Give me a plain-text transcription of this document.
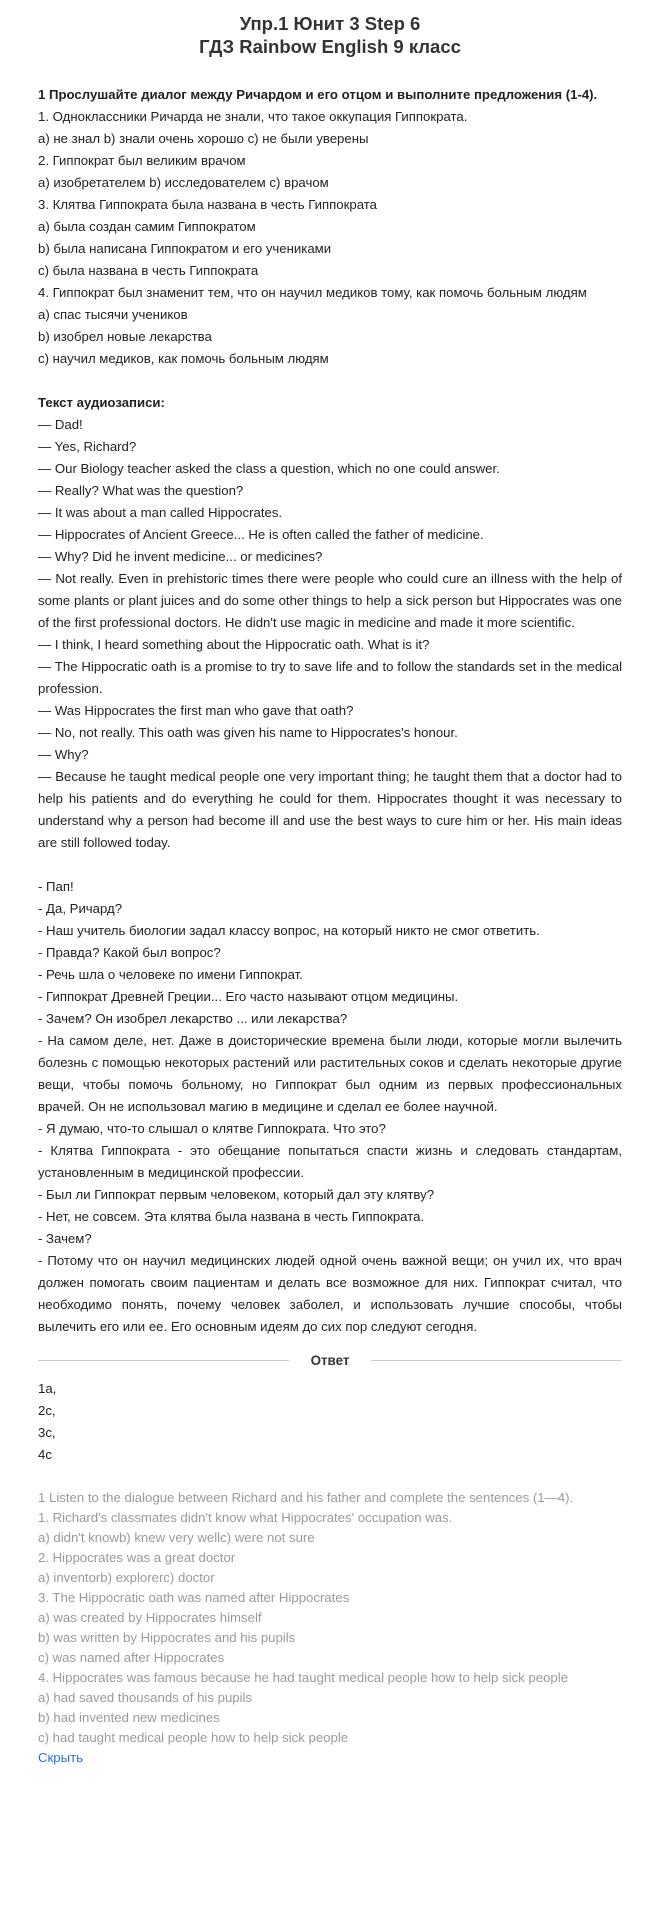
Упр.1 Юнит 3 Step 6
ГДЗ Rainbow English 9 класс

1 Прослушайте диалог между Ричардом и его отцом и выполните предложения (1-4).

1. Одноклассники Ричарда не знали, что такое оккупация Гиппократа.

а) не знал b) знали очень хорошо c) не были уверены

2. Гиппократ был великим врачом

а) изобретателем b) исследователем c) врачом

3. Клятва Гиппократа была названа в честь Гиппократа

а) была создан самим Гиппократом

b) была написана Гиппократом и его учениками

c) была названа в честь Гиппократа

4. Гиппократ был знаменит тем, что он научил медиков тому, как помочь больным людям

а) спас тысячи учеников

b) изобрел новые лекарства

c) научил медиков, как помочь больным людям

Текст аудиозаписи:

— Dad!

— Yes, Richard?

— Our Biology teacher asked the class a question, which no one could answer.

— Really? What was the question?

— It was about a man called Hippocrates.

— Hippocrates of Ancient Greece... He is often called the father of medicine.

— Why? Did he invent medicine... or medicines?

— Not really. Even in prehistoric times there were people who could cure an illness with the help of some plants or plant juices and do some other things to help a sick person but Hippocrates was one of the first professional doctors. He didn't use magic in medicine and made it more scientific.

— I think, I heard something about the Hippocratic oath. What is it?

— The Hippocratic oath is a promise to try to save life and to follow the standards set in the medical profession.

— Was Hippocrates the first man who gave that oath?

— No, not really. This oath was given his name to Hippocrates's honour.

— Why?

— Because he taught medical people one very important thing; he taught them that a doctor had to help his patients and do everything he could for them. Hippocrates thought it was necessary to understand why a person had become ill and use the best ways to cure him or her. His main ideas are still followed today.

- Пап!

- Да, Ричард?

- Наш учитель биологии задал классу вопрос, на который никто не смог ответить.

- Правда? Какой был вопрос?

- Речь шла о человеке по имени Гиппократ.

- Гиппократ Древней Греции... Его часто называют отцом медицины.

- Зачем? Он изобрел лекарство ... или лекарства?

- На самом деле, нет. Даже в доисторические времена были люди, которые могли вылечить болезнь с помощью некоторых растений или растительных соков и сделать некоторые другие вещи, чтобы помочь больному, но Гиппократ был одним из первых профессиональных врачей. Он не использовал магию в медицине и сделал ее более научной.

- Я думаю, что-то слышал о клятве Гиппократа. Что это?

- Клятва Гиппократа - это обещание попытаться спасти жизнь и следовать стандартам, установленным в медицинской профессии.

- Был ли Гиппократ первым человеком, который дал эту клятву?

- Нет, не совсем. Эта клятва была названа в честь Гиппократа.

- Зачем?

- Потому что он научил медицинских людей одной очень важной вещи; он учил их, что врач должен помогать своим пациентам и делать все возможное для них. Гиппократ считал, что необходимо понять, почему человек заболел, и использовать лучшие способы, чтобы вылечить его или ее. Его основным идеям до сих пор следуют сегодня.

Ответ

1a,

2c,

3c,

4c

1 Listen to the dialogue between Richard and his father and complete the sentences (1—4).

1. Richard's classmates didn't know what Hippocrates' occupation was.

a) didn't knowb) knew very wellc) were not sure

2. Hippocrates was a great doctor

a) inventorb) explorerc) doctor

3. The Hippocratic oath was named after Hippocrates

a) was created by Hippocrates himself

b) was written by Hippocrates and his pupils

c) was named after Hippocrates

4. Hippocrates was famous because he had taught medical people how to help sick people

a) had saved thousands of his pupils

b) had invented new medicines

c) had taught medical people how to help sick people

Скрыть
